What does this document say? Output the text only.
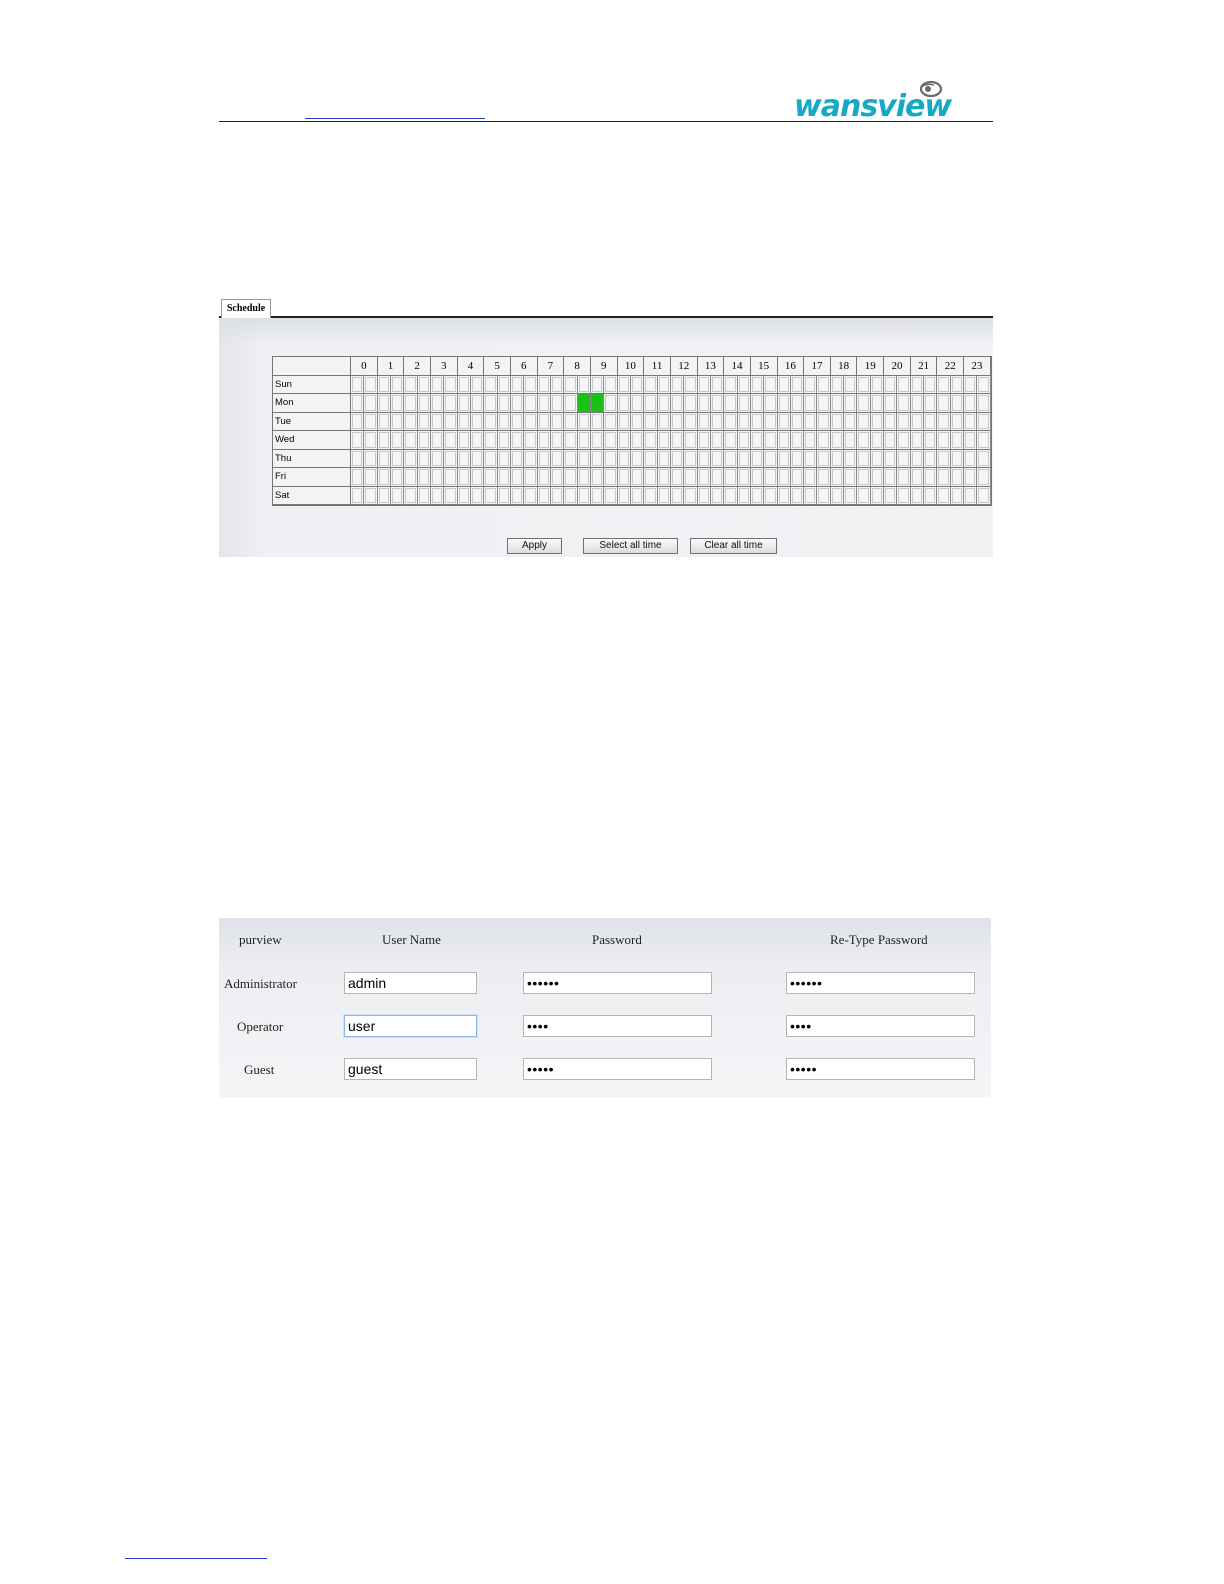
wansview
Schedule
0	1	2	3	4	5	6	7	8	9	10	11	12	13	14	15	16	17	18	19	20	21	22	23
Sun
Mon
Tue
Wed
Thu
Fri
Sat
Apply	Select all time	Clear all time
purview	User Name	Password	Re-Type Password
Administrator	admin	••••••	••••••
Operator	user	••••	••••
Guest	guest	•••••	•••••
